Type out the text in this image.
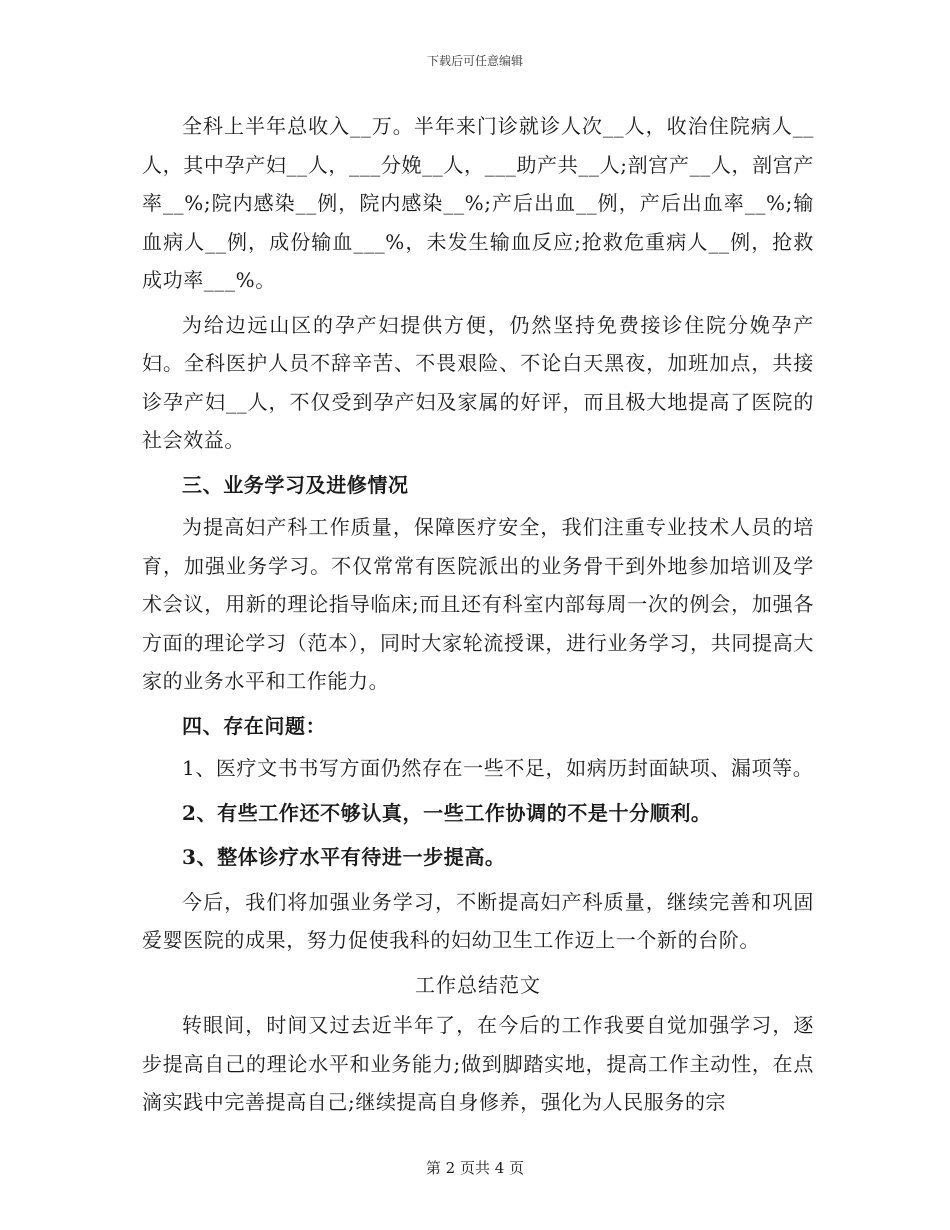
下载后可任意编辑

全科上半年总收入__万。半年来门诊就诊人次__人，收治住院病人__人，其中孕产妇__人，___分娩__人，___助产共__人;剖宫产__人，剖宫产率__%;院内感染__例，院内感染__%;产后出血__例，产后出血率__%;输血病人__例，成份输血___%，未发生输血反应;抢救危重病人__例，抢救成功率___%。

为给边远山区的孕产妇提供方便，仍然坚持免费接诊住院分娩孕产妇。全科医护人员不辞辛苦、不畏艰险、不论白天黑夜，加班加点，共接诊孕产妇__人，不仅受到孕产妇及家属的好评，而且极大地提高了医院的社会效益。

三、业务学习及进修情况

为提高妇产科工作质量，保障医疗安全，我们注重专业技术人员的培育，加强业务学习。不仅常常有医院派出的业务骨干到外地参加培训及学术会议，用新的理论指导临床;而且还有科室内部每周一次的例会，加强各方面的理论学习（范本），同时大家轮流授课，进行业务学习，共同提高大家的业务水平和工作能力。

四、存在问题：

1、医疗文书书写方面仍然存在一些不足，如病历封面缺项、漏项等。

2、有些工作还不够认真，一些工作协调的不是十分顺利。

3、整体诊疗水平有待进一步提高。

今后，我们将加强业务学习，不断提高妇产科质量，继续完善和巩固爱婴医院的成果，努力促使我科的妇幼卫生工作迈上一个新的台阶。

工作总结范文

转眼间，时间又过去近半年了，在今后的工作我要自觉加强学习，逐步提高自己的理论水平和业务能力;做到脚踏实地，提高工作主动性，在点滴实践中完善提高自己;继续提高自身修养，强化为人民服务的宗

第 2 页共 4 页
